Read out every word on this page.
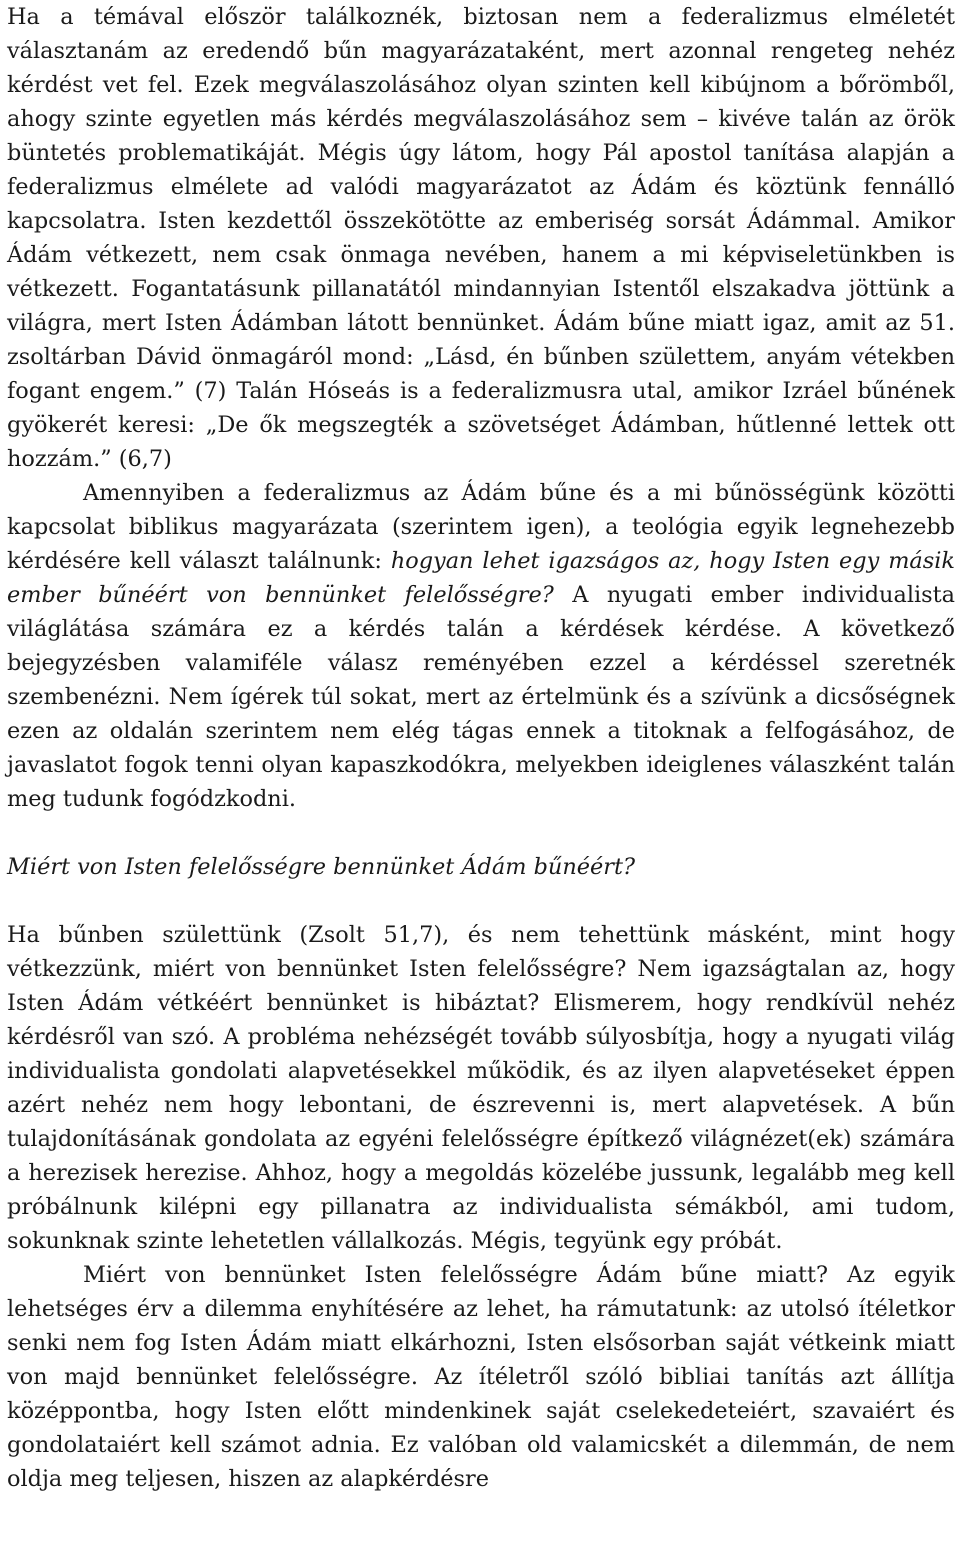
Ha a témával először találkoznék, biztosan nem a federalizmus elméletét választanám az eredendő bűn magyarázataként, mert azonnal rengeteg nehéz kérdést vet fel. Ezek megválaszolásához olyan szinten kell kibújnom a bőrömből, ahogy szinte egyetlen más kérdés megválaszolásához sem – kivéve talán az örök büntetés problematikáját. Mégis úgy látom, hogy Pál apostol tanítása alapján a federalizmus elmélete ad valódi magyarázatot az Ádám és köztünk fennálló kapcsolatra. Isten kezdettől összekötötte az emberiség sorsát Ádámmal. Amikor Ádám vétkezett, nem csak önmaga nevében, hanem a mi képviseletünkben is vétkezett. Fogantatásunk pillanatától mindannyian Istentől elszakadva jöttünk a világra, mert Isten Ádámban látott bennünket. Ádám bűne miatt igaz, amit az 51. zsoltárban Dávid önmagáról mond: „Lásd, én bűnben születtem, anyám vétekben fogant engem.” (7) Talán Hóseás is a federalizmusra utal, amikor Izráel bűnének gyökerét keresi: „De ők megszegték a szövetséget Ádámban, hűtlenné lettek ott hozzám.” (6,7)

Amennyiben a federalizmus az Ádám bűne és a mi bűnösségünk közötti kapcsolat biblikus magyarázata (szerintem igen), a teológia egyik legnehezebb kérdésére kell választ találnunk: hogyan lehet igazságos az, hogy Isten egy másik ember bűnéért von bennünket felelősségre? A nyugati ember individualista világlátása számára ez a kérdés talán a kérdések kérdése. A következő bejegyzésben valamiféle válasz reményében ezzel a kérdéssel szeretnék szembenézni. Nem ígérek túl sokat, mert az értelmünk és a szívünk a dicsőségnek ezen az oldalán szerintem nem elég tágas ennek a titoknak a felfogásához, de javaslatot fogok tenni olyan kapaszkodókra, melyekben ideiglenes válaszként talán meg tudunk fogódzkodni.

Miért von Isten felelősségre bennünket Ádám bűnéért?

Ha bűnben születtünk (Zsolt 51,7), és nem tehettünk másként, mint hogy vétkezzünk, miért von bennünket Isten felelősségre? Nem igazságtalan az, hogy Isten Ádám vétkéért bennünket is hibáztat? Elismerem, hogy rendkívül nehéz kérdésről van szó. A probléma nehézségét tovább súlyosbítja, hogy a nyugati világ individualista gondolati alapvetésekkel működik, és az ilyen alapvetéseket éppen azért nehéz nem hogy lebontani, de észrevenni is, mert alapvetések. A bűn tulajdonításának gondolata az egyéni felelősségre építkező világnézet(ek) számára a herezisek herezise. Ahhoz, hogy a megoldás közelébe jussunk, legalább meg kell próbálnunk kilépni egy pillanatra az individualista sémákból, ami tudom, sokunknak szinte lehetetlen vállalkozás. Mégis, tegyünk egy próbát.

Miért von bennünket Isten felelősségre Ádám bűne miatt? Az egyik lehetséges érv a dilemma enyhítésére az lehet, ha rámutatunk: az utolsó ítéletkor senki nem fog Isten Ádám miatt elkárhozni, Isten elsősorban saját vétkeink miatt von majd bennünket felelősségre. Az ítéletről szóló bibliai tanítás azt állítja középpontba, hogy Isten előtt mindenkinek saját cselekedeteiért, szavaiért és gondolataiért kell számot adnia. Ez valóban old valamicskét a dilemmán, de nem oldja meg teljesen, hiszen az alapkérdésre
